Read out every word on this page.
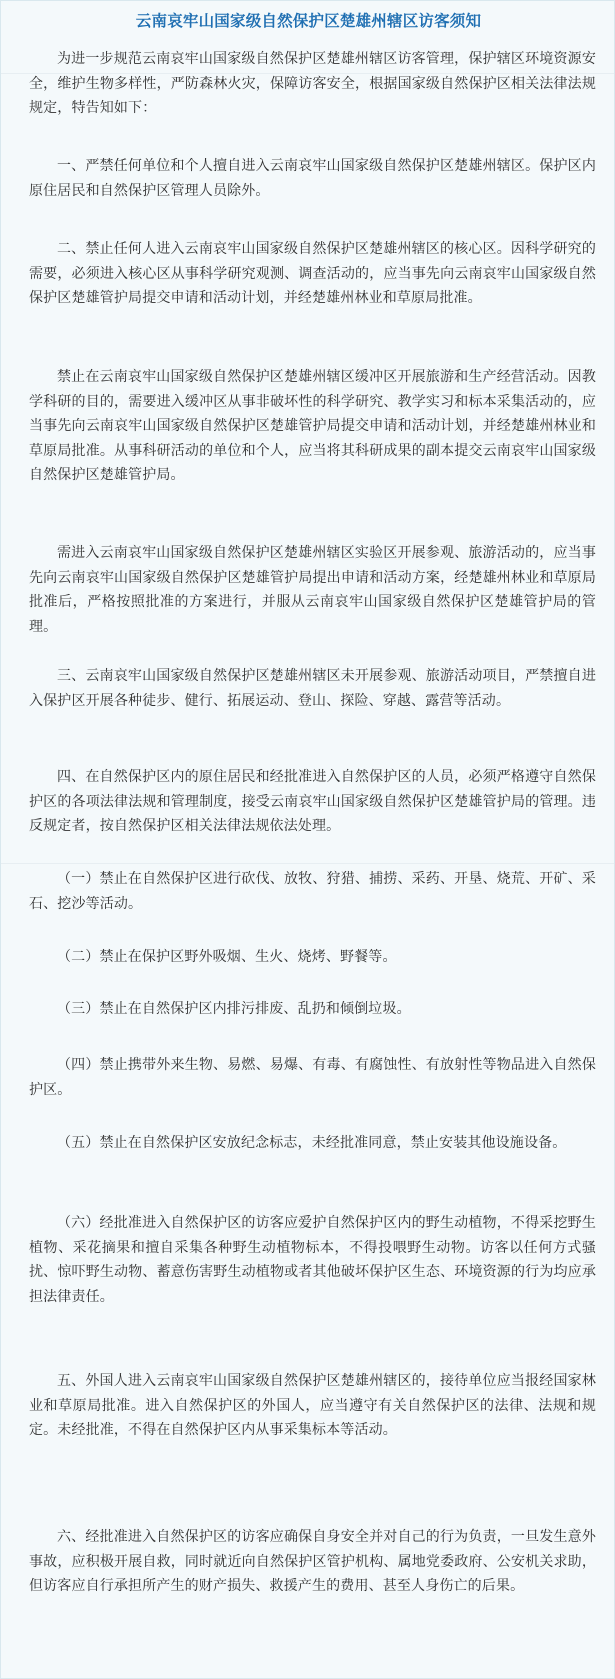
云南哀牢山国家级自然保护区楚雄州辖区访客须知

为进一步规范云南哀牢山国家级自然保护区楚雄州辖区访客管理，保护辖区环境资源安全，维护生物多样性，严防森林火灾，保障访客安全，根据国家级自然保护区相关法律法规规定，特告知如下：

一、严禁任何单位和个人擅自进入云南哀牢山国家级自然保护区楚雄州辖区。保护区内原住居民和自然保护区管理人员除外。

二、禁止任何人进入云南哀牢山国家级自然保护区楚雄州辖区的核心区。因科学研究的需要，必须进入核心区从事科学研究观测、调查活动的，应当事先向云南哀牢山国家级自然保护区楚雄管护局提交申请和活动计划，并经楚雄州林业和草原局批准。

禁止在云南哀牢山国家级自然保护区楚雄州辖区缓冲区开展旅游和生产经营活动。因教学科研的目的，需要进入缓冲区从事非破坏性的科学研究、教学实习和标本采集活动的，应当事先向云南哀牢山国家级自然保护区楚雄管护局提交申请和活动计划，并经楚雄州林业和草原局批准。从事科研活动的单位和个人，应当将其科研成果的副本提交云南哀牢山国家级自然保护区楚雄管护局。

需进入云南哀牢山国家级自然保护区楚雄州辖区实验区开展参观、旅游活动的，应当事先向云南哀牢山国家级自然保护区楚雄管护局提出申请和活动方案，经楚雄州林业和草原局批准后，严格按照批准的方案进行，并服从云南哀牢山国家级自然保护区楚雄管护局的管理。

三、云南哀牢山国家级自然保护区楚雄州辖区未开展参观、旅游活动项目，严禁擅自进入保护区开展各种徒步、健行、拓展运动、登山、探险、穿越、露营等活动。

四、在自然保护区内的原住居民和经批准进入自然保护区的人员，必须严格遵守自然保护区的各项法律法规和管理制度，接受云南哀牢山国家级自然保护区楚雄管护局的管理。违反规定者，按自然保护区相关法律法规依法处理。

（一）禁止在自然保护区进行砍伐、放牧、狩猎、捕捞、采药、开垦、烧荒、开矿、采石、挖沙等活动。

（二）禁止在保护区野外吸烟、生火、烧烤、野餐等。

（三）禁止在自然保护区内排污排废、乱扔和倾倒垃圾。

（四）禁止携带外来生物、易燃、易爆、有毒、有腐蚀性、有放射性等物品进入自然保护区。

（五）禁止在自然保护区安放纪念标志，未经批准同意，禁止安装其他设施设备。

（六）经批准进入自然保护区的访客应爱护自然保护区内的野生动植物，不得采挖野生植物、采花摘果和擅自采集各种野生动植物标本，不得投喂野生动物。访客以任何方式骚扰、惊吓野生动物、蓄意伤害野生动植物或者其他破坏保护区生态、环境资源的行为均应承担法律责任。

五、外国人进入云南哀牢山国家级自然保护区楚雄州辖区的，接待单位应当报经国家林业和草原局批准。进入自然保护区的外国人，应当遵守有关自然保护区的法律、法规和规定。未经批准，不得在自然保护区内从事采集标本等活动。

六、经批准进入自然保护区的访客应确保自身安全并对自己的行为负责，一旦发生意外事故，应积极开展自救，同时就近向自然保护区管护机构、属地党委政府、公安机关求助，但访客应自行承担所产生的财产损失、救援产生的费用、甚至人身伤亡的后果。
